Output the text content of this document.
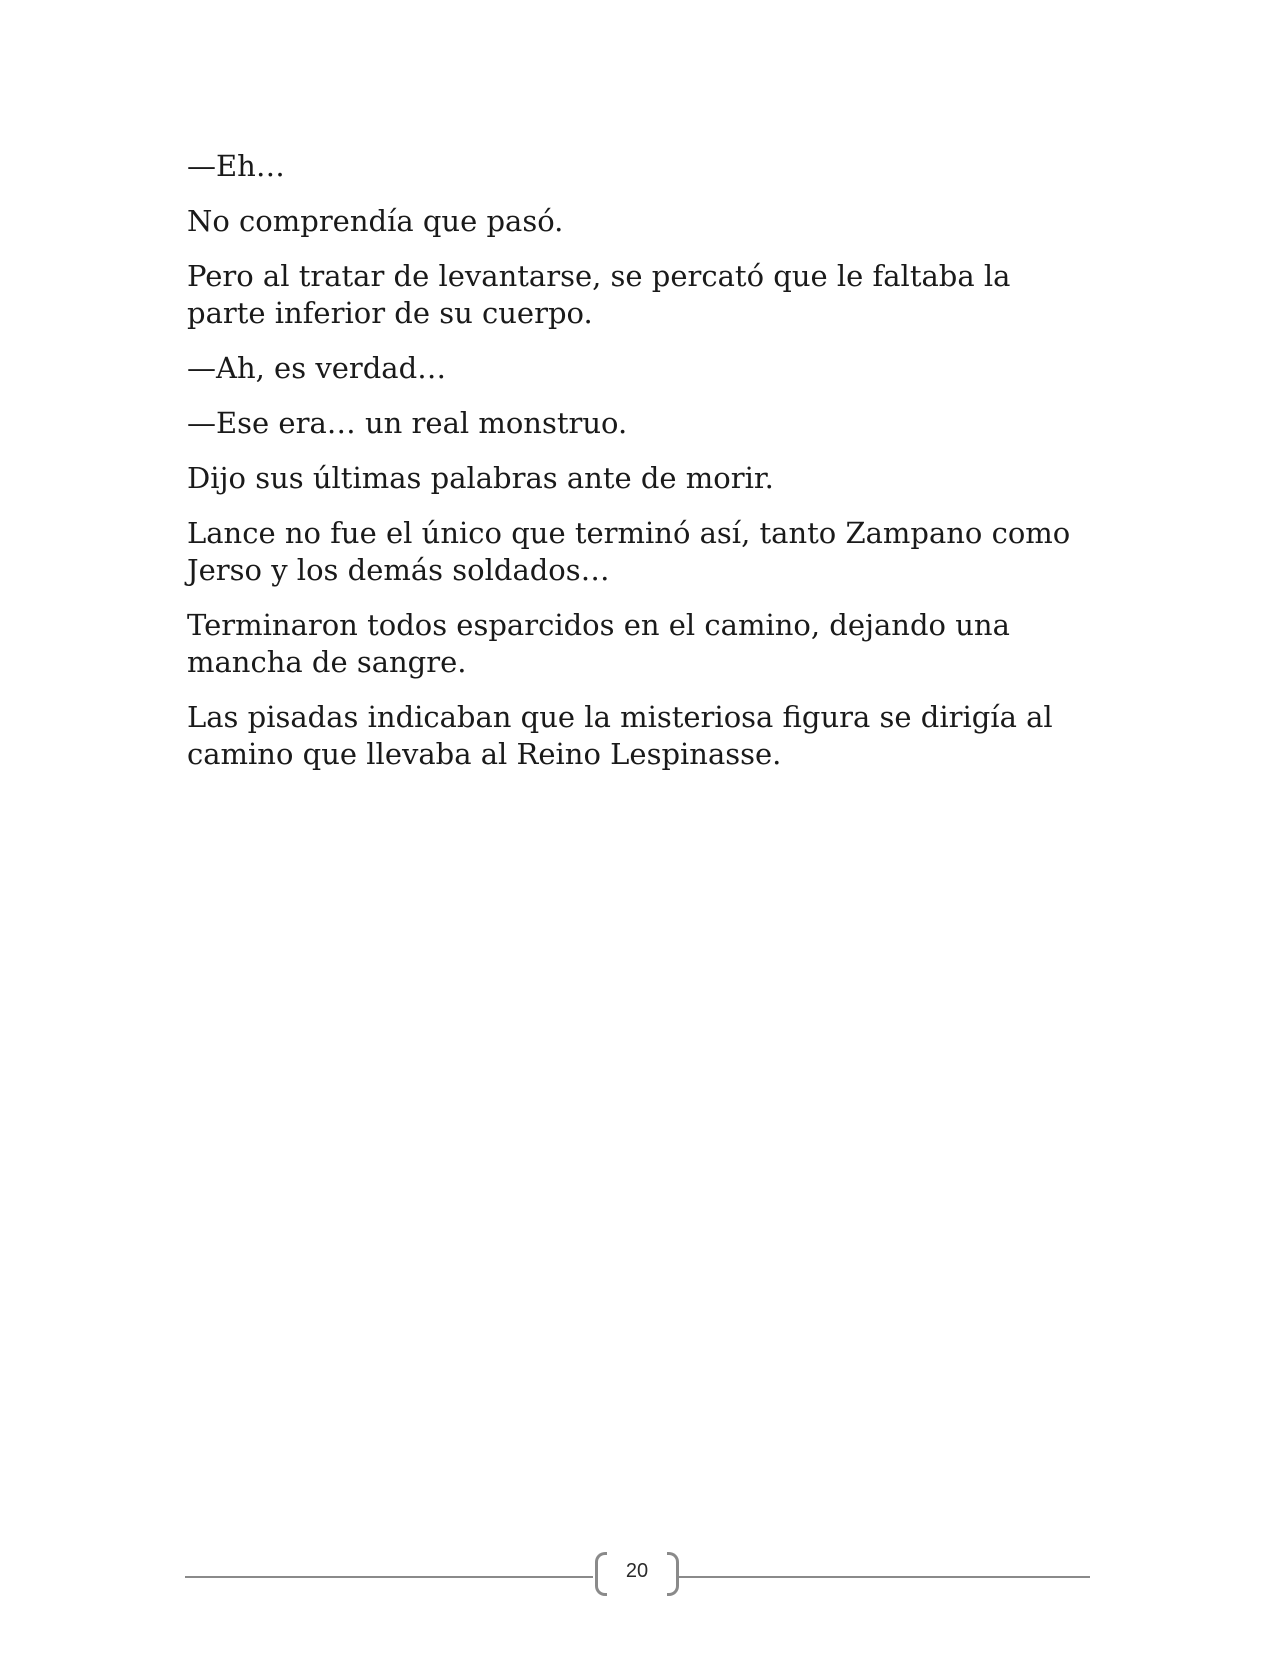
—Eh…

No comprendía que pasó.

Pero al tratar de levantarse, se percató que le faltaba la parte inferior de su cuerpo.

—Ah, es verdad…

—Ese era… un real monstruo.

Dijo sus últimas palabras ante de morir.

Lance no fue el único que terminó así, tanto Zampano como Jerso y los demás soldados…

Terminaron todos esparcidos en el camino, dejando una mancha de sangre.

Las pisadas indicaban que la misteriosa figura se dirigía al camino que llevaba al Reino Lespinasse.

20
